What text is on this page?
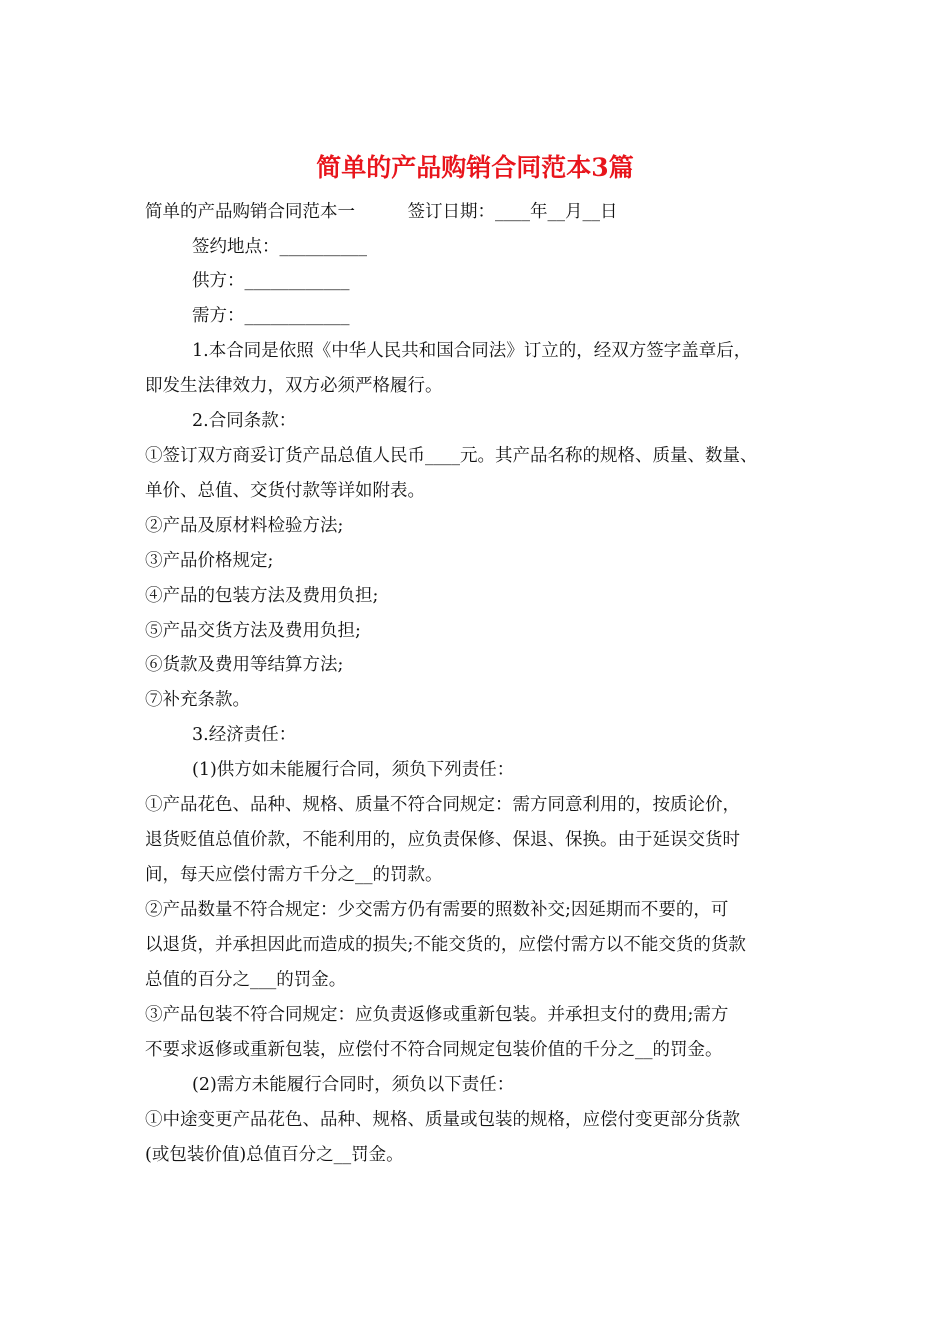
简单的产品购销合同范本3篇
简单的产品购销合同范本一　　　签订日期：____年__月__日
签约地点：__________
供方：____________
需方：____________
1.本合同是依照《中华人民共和国合同法》订立的，经双方签字盖章后，
即发生法律效力，双方必须严格履行。
2.合同条款：
①签订双方商妥订货产品总值人民币____元。其产品名称的规格、质量、数量、
单价、总值、交货付款等详如附表。
②产品及原材料检验方法;
③产品价格规定;
④产品的包装方法及费用负担;
⑤产品交货方法及费用负担;
⑥货款及费用等结算方法;
⑦补充条款。
3.经济责任：
(1)供方如未能履行合同，须负下列责任：
①产品花色、品种、规格、质量不符合同规定：需方同意利用的，按质论价，
退货贬值总值价款，不能利用的，应负责保修、保退、保换。由于延误交货时
间，每天应偿付需方千分之__的罚款。
②产品数量不符合规定：少交需方仍有需要的照数补交;因延期而不要的，可
以退货，并承担因此而造成的损失;不能交货的，应偿付需方以不能交货的货款
总值的百分之___的罚金。
③产品包装不符合同规定：应负责返修或重新包装。并承担支付的费用;需方
不要求返修或重新包装，应偿付不符合同规定包装价值的千分之__的罚金。
(2)需方未能履行合同时，须负以下责任：
①中途变更产品花色、品种、规格、质量或包装的规格，应偿付变更部分货款
(或包装价值)总值百分之__罚金。
